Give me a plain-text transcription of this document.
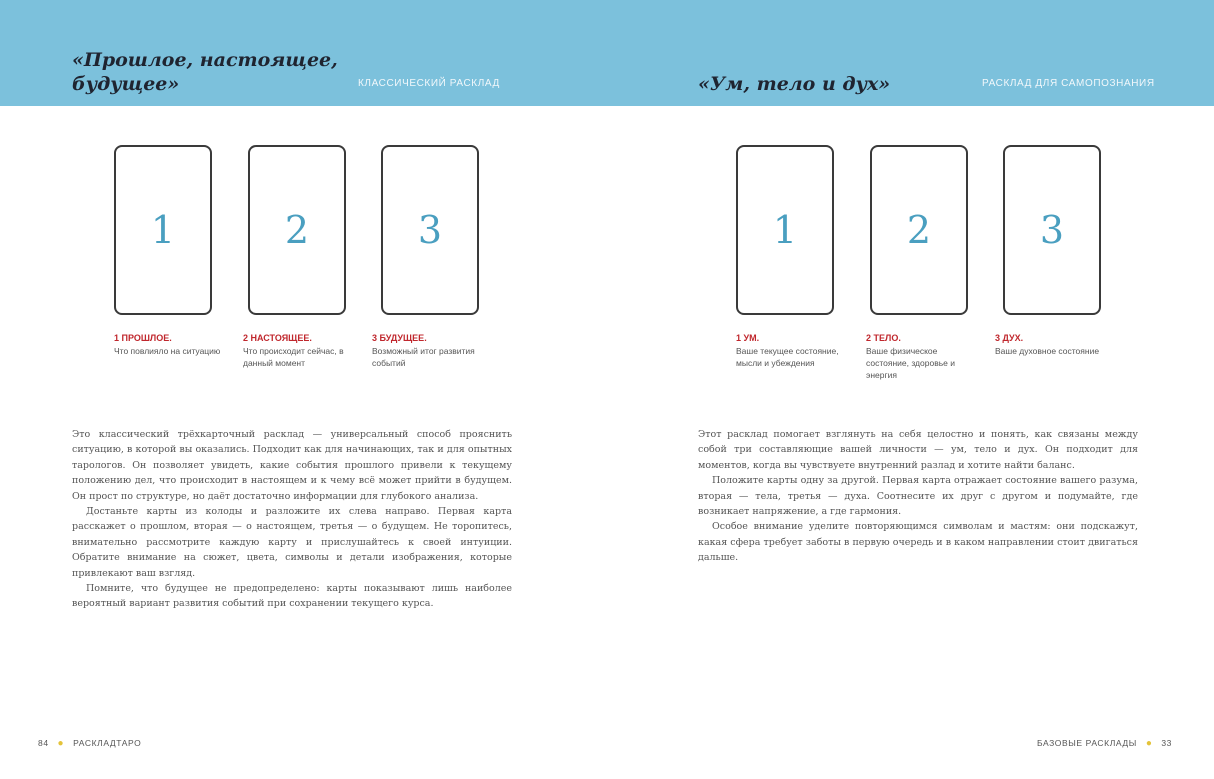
«Прошлое, настоящее,
будущее»	КЛАССИЧЕСКИЙ РАСКЛАД
1	2	3
1 ПРОШЛОЕ.
Что повлияло на ситуацию
2 НАСТОЯЩЕЕ.
Что происходит сейчас, в данный момент
3 БУДУЩЕЕ.
Возможный итог развития событий

Это классический трёхкарточный расклад — универсальный способ прояснить ситуацию, в которой вы оказались. Подходит как для начинающих, так и для опытных тарологов. Он позволяет увидеть, какие события прошлого привели к текущему положению дел, что происходит в настоящем и к чему всё может прийти в будущем. Он прост по структуре, но даёт достаточно информации для глубокого анализа.

Достаньте карты из колоды и разложите их слева направо. Первая карта расскажет о прошлом, вторая — о настоящем, третья — о будущем. Не торопитесь, внимательно рассмотрите каждую карту и прислушайтесь к своей интуиции. Обратите внимание на сюжет, цвета, символы и детали изображения, которые привлекают ваш взгляд.

Помните, что будущее не предопределено: карты показывают лишь наиболее вероятный вариант развития событий при сохранении текущего курса.

84 ● РАСКЛАДТАРО
«Ум, тело и дух»	РАСКЛАД ДЛЯ САМОПОЗНАНИЯ
1	2	3
1 УМ.
Ваше текущее состояние, мысли и убеждения
2 ТЕЛО.
Ваше физическое состояние, здоровье и энергия
3 ДУХ.
Ваше духовное состояние

Этот расклад помогает взглянуть на себя целостно и понять, как связаны между собой три составляющие вашей личности — ум, тело и дух. Он подходит для моментов, когда вы чувствуете внутренний разлад и хотите найти баланс.

Положите карты одну за другой. Первая карта отражает состояние вашего разума, вторая — тела, третья — духа. Соотнесите их друг с другом и подумайте, где возникает напряжение, а где гармония.

Особое внимание уделите повторяющимся символам и мастям: они подскажут, какая сфера требует заботы в первую очередь и в каком направлении стоит двигаться дальше.

БАЗОВЫЕ РАСКЛАДЫ ● 33
